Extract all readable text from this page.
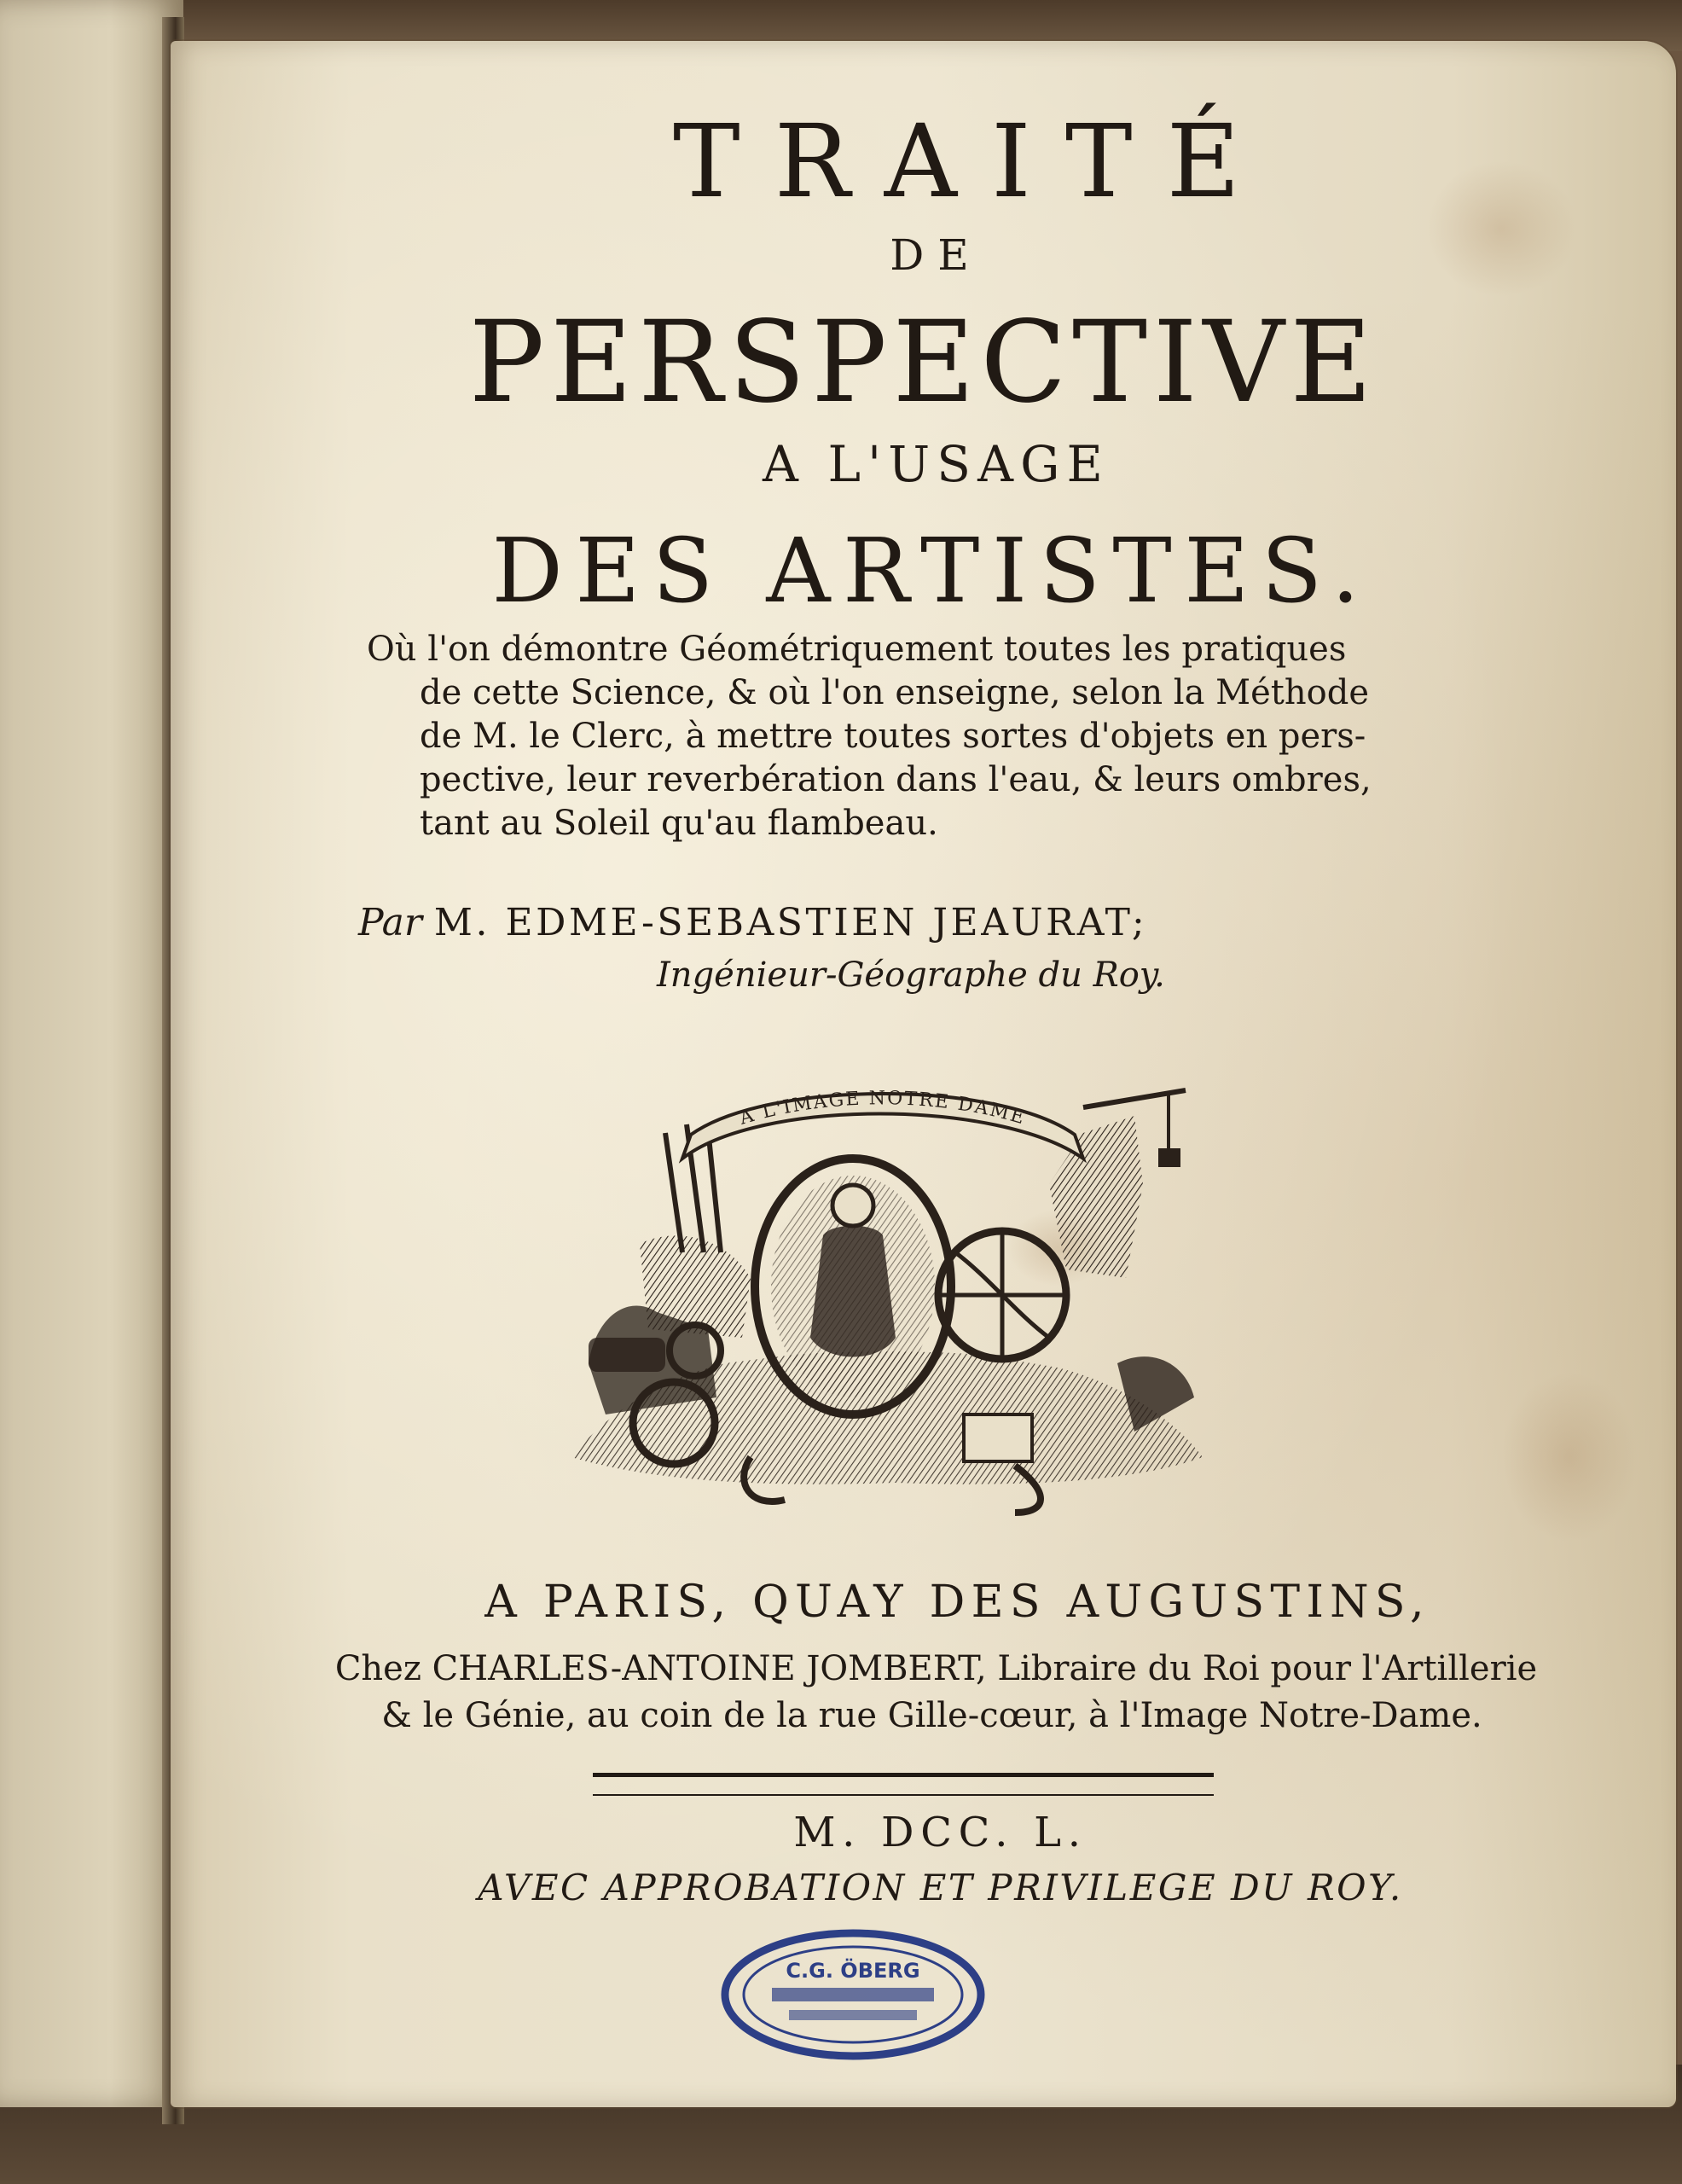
TRAITÉ
DE
PERSPECTIVE
A L'USAGE
DES ARTISTES.
Où l'on démontre Géométriquement toutes les pratiques
de cette Science, & où l'on enseigne, selon la Méthode
de M. le Clerc, à mettre toutes sortes d'objets en pers-
pective, leur reverbération dans l'eau, & leurs ombres,
tant au Soleil qu'au flambeau.
Par M. EDME-SEBASTIEN JEAURAT;
Ingénieur-Géographe du Roy.
A L'IMAGE NOTRE DAME
A PARIS, QUAY DES AUGUSTINS,
Chez CHARLES-ANTOINE JOMBERT, Libraire du Roi pour l'Artillerie
& le Génie, au coin de la rue Gille-cœur, à l'Image Notre-Dame.
M. DCC. L.
AVEC APPROBATION ET PRIVILEGE DU ROY.
C.G. ÖBERG
